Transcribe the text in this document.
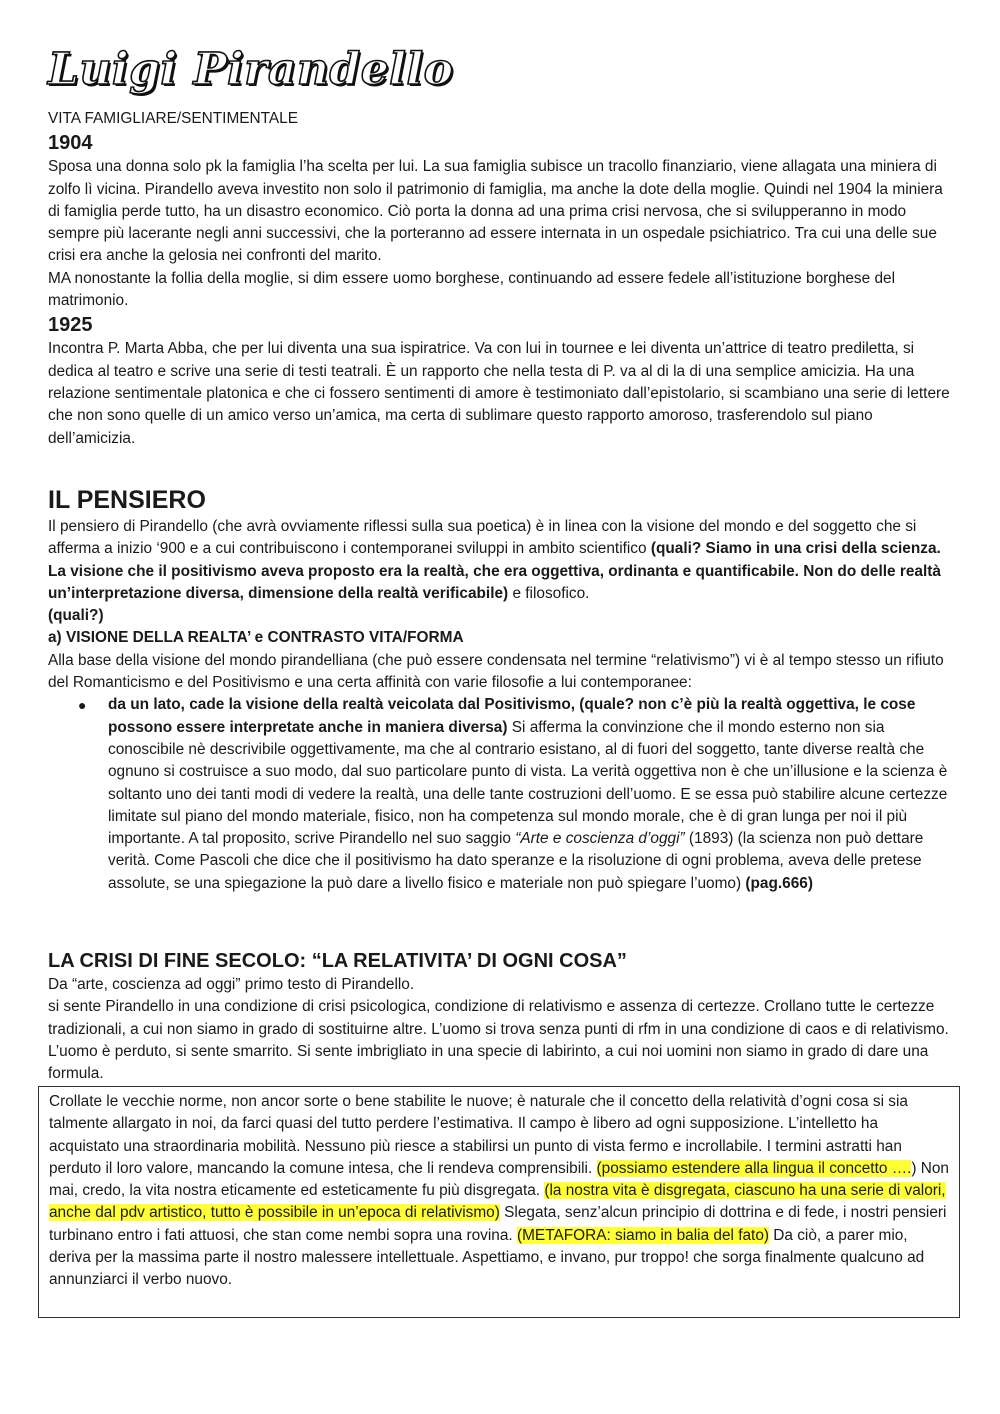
Luigi Pirandello

VITA FAMIGLIARE/SENTIMENTALE

1904

Sposa una donna solo pk la famiglia l’ha scelta per lui. La sua famiglia subisce un tracollo finanziario, viene allagata una miniera di zolfo lì vicina. Pirandello aveva investito non solo il patrimonio di famiglia, ma anche la dote della moglie. Quindi nel 1904 la miniera di famiglia perde tutto, ha un disastro economico. Ciò porta la donna ad una prima crisi nervosa, che si svilupperanno in modo sempre più lacerante negli anni successivi, che la porteranno ad essere internata in un ospedale psichiatrico. Tra cui una delle sue crisi era anche la gelosia nei confronti del marito.

MA nonostante la follia della moglie, si dim essere uomo borghese, continuando ad essere fedele all’istituzione borghese del matrimonio.

1925

Incontra P. Marta Abba, che per lui diventa una sua ispiratrice. Va con lui in tournee e lei diventa un’attrice di teatro prediletta, si dedica al teatro e scrive una serie di testi teatrali. È un rapporto che nella testa di P. va al di la di una semplice amicizia. Ha una relazione sentimentale platonica e che ci fossero sentimenti di amore è testimoniato dall’epistolario, si scambiano una serie di lettere che non sono quelle di un amico verso un’amica, ma certa di sublimare questo rapporto amoroso, trasferendolo sul piano dell’amicizia.

IL PENSIERO

Il pensiero di Pirandello (che avrà ovviamente riflessi sulla sua poetica) è in linea con la visione del mondo e del soggetto che si afferma a inizio ‘900 e a cui contribuiscono i contemporanei sviluppi in ambito scientifico (quali? Siamo in una crisi della scienza. La visione che il positivismo aveva proposto era la realtà, che era oggettiva, ordinanta e quantificabile. Non do delle realtà un’interpretazione diversa, dimensione della realtà verificabile) e filosofico.

(quali?)

a) VISIONE DELLA REALTA’ e CONTRASTO VITA/FORMA

Alla base della visione del mondo pirandelliana (che può essere condensata nel termine “relativismo”) vi è al tempo stesso un rifiuto del Romanticismo e del Positivismo e una certa affinità con varie filosofie a lui contemporanee:

● da un lato, cade la visione della realtà veicolata dal Positivismo, (quale? non c’è più la realtà oggettiva, le cose possono essere interpretate anche in maniera diversa) Si afferma la convinzione che il mondo esterno non sia conoscibile nè descrivibile oggettivamente, ma che al contrario esistano, al di fuori del soggetto, tante diverse realtà che ognuno si costruisce a suo modo, dal suo particolare punto di vista. La verità oggettiva non è che un’illusione e la scienza è soltanto uno dei tanti modi di vedere la realtà, una delle tante costruzioni dell’uomo. E se essa può stabilire alcune certezze limitate sul piano del mondo materiale, fisico, non ha competenza sul mondo morale, che è di gran lunga per noi il più importante. A tal proposito, scrive Pirandello nel suo saggio “Arte e coscienza d’oggi” (1893) (la scienza non può dettare verità. Come Pascoli che dice che il positivismo ha dato speranze e la risoluzione di ogni problema, aveva delle pretese assolute, se una spiegazione la può dare a livello fisico e materiale non può spiegare l’uomo) (pag.666)
LA CRISI DI FINE SECOLO: “LA RELATIVITA’ DI OGNI COSA”

Da “arte, coscienza ad oggi” primo testo di Pirandello.

si sente Pirandello in una condizione di crisi psicologica, condizione di relativismo e assenza di certezze. Crollano tutte le certezze tradizionali, a cui non siamo in grado di sostituirne altre. L’uomo si trova senza punti di rfm in una condizione di caos e di relativismo. L’uomo è perduto, si sente smarrito. Si sente imbrigliato in una specie di labirinto, a cui noi uomini non siamo in grado di dare una formula.

Crollate le vecchie norme, non ancor sorte o bene stabilite le nuove; è naturale che il concetto della relatività d’ogni cosa si sia talmente allargato in noi, da farci quasi del tutto perdere l’estimativa. Il campo è libero ad ogni supposizione. L’intelletto ha acquistato una straordinaria mobilità. Nessuno più riesce a stabilirsi un punto di vista fermo e incrollabile. I termini astratti han perduto il loro valore, mancando la comune intesa, che li rendeva comprensibili. (possiamo estendere alla lingua il concetto ….) Non mai, credo, la vita nostra eticamente ed esteticamente fu più disgregata. (la nostra vita è disgregata, ciascuno ha una serie di valori, anche dal pdv artistico, tutto è possibile in un’epoca di relativismo) Slegata, senz’alcun principio di dottrina e di fede, i nostri pensieri turbinano entro i fati attuosi, che stan come nembi sopra una rovina. (METAFORA: siamo in balia del fato) Da ciò, a parer mio, deriva per la massima parte il nostro malessere intellettuale. Aspettiamo, e invano, pur troppo! che sorga finalmente qualcuno ad annunziarci il verbo nuovo.
